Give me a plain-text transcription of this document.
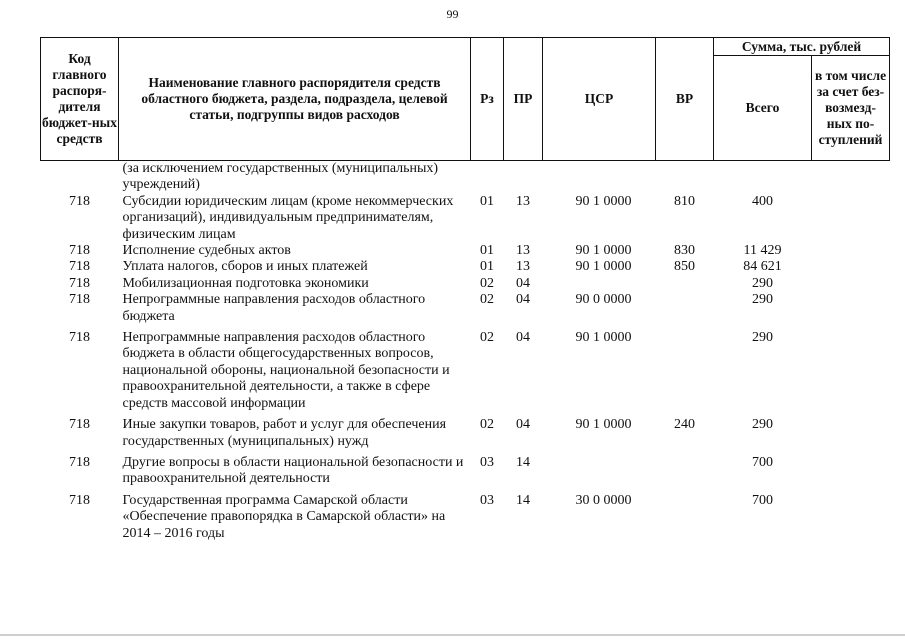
99
Код главного распоря-дителя бюджет-ных средств	Наименование главного распорядителя средств областного бюджета, раздела, подраздела, целевой статьи, подгруппы видов расходов	Рз	ПР	ЦСР	ВР	Сумма, тыс. рублей	
						Всего	в том числе за счет без-возмезд-ных по-ступлений
	(за исключением государственных (муниципальных) учреждений)						
718	Субсидии юридическим лицам (кроме некоммерческих организаций), индивидуальным предпринимателям, физическим лицам	01	13	90 1 0000	810	400	
718	Исполнение судебных актов	01	13	90 1 0000	830	11 429	
718	Уплата налогов, сборов и иных платежей	01	13	90 1 0000	850	84 621	
718	Мобилизационная подготовка экономики	02	04			290	
718	Непрограммные направления расходов областного бюджета	02	04	90 0 0000		290	
718	Непрограммные направления расходов областного бюджета в области общегосударственных вопросов, национальной обороны, национальной безопасности и правоохранительной деятельности, а также в сфере средств массовой информации	02	04	90 1 0000		290	
718	Иные закупки товаров, работ и услуг для обеспечения государственных (муниципальных) нужд	02	04	90 1 0000	240	290	
718	Другие вопросы в области национальной безопасности и правоохранительной деятельности	03	14			700	
718	Государственная программа Самарской области «Обеспечение правопорядка в Самарской области» на 2014 – 2016 годы	03	14	30 0 0000		700	
